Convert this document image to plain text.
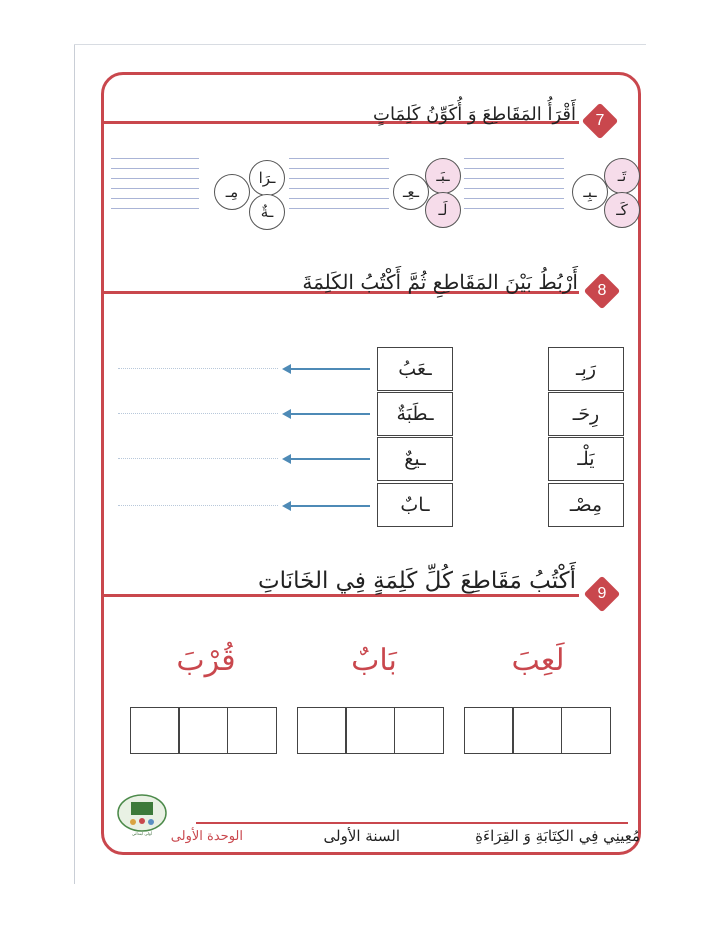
7
أَقْرَأُ المَقَاطِعَ وَ أُكَوِّنُ كَلِمَاتٍ
تَـ
ـبِـ
كَـ
ـبَـ
ـعِـ
لَـ
ـرَا
مِـ
ـةٌ
8
أَرْبُطُ بَيْنَ المَقَاطِعِ ثُمَّ أَكْتُبُ الكَلِمَةَ
رَبِـ
رِحَـ
يَلْـ
مِصْـ
ـعَبُ
ـطَبَةٌ
ـيعٌ
ـابٌ
9
أَكْتُبُ مَقَاطِعَ كُلِّ كَلِمَةٍ فِي الخَانَاتِ
لَعِبَ
بَابٌ
قُرْبَ
مُعِينِي فِي الكِتَابَةِ وَ القِرَاءَةِ
السنة الأولى
الوحدة الأولى
أولى ابتدائي
